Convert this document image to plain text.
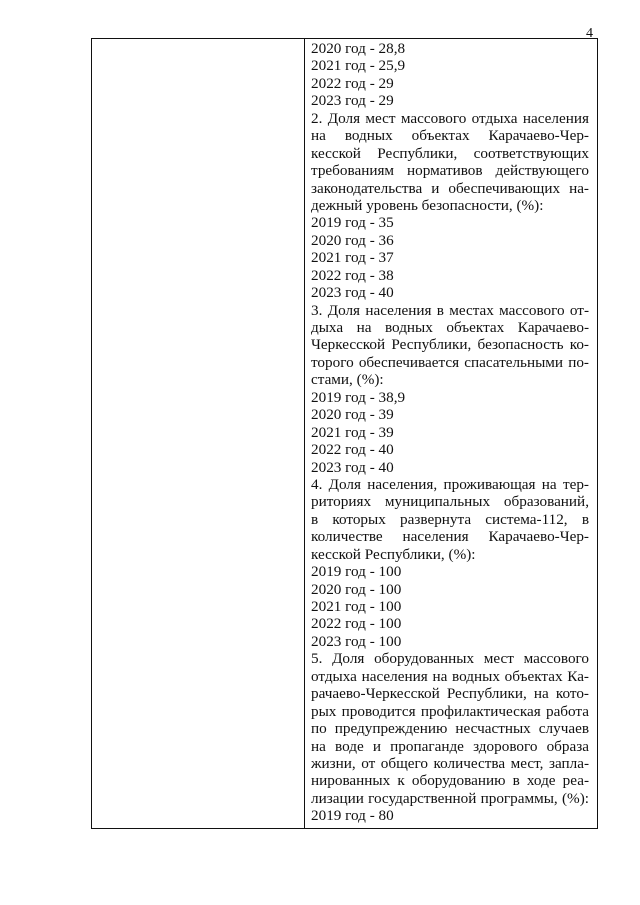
4
2020 год - 28,8
2021 год - 25,9
2022 год - 29
2023 год - 29
2. Доля мест массового отдыха населения
на водных объектах Карачаево-Чер-
кесской Республики, соответствующих
требованиям нормативов действующего
законодательства и обеспечивающих на-
дежный уровень безопасности, (%):
2019 год - 35
2020 год - 36
2021 год - 37
2022 год - 38
2023 год - 40
3. Доля населения в местах массового от-
дыха на водных объектах Карачаево-
Черкесской Республики, безопасность ко-
торого обеспечивается спасательными по-
стами, (%):
2019 год - 38,9
2020 год - 39
2021 год - 39
2022 год - 40
2023 год - 40
4. Доля населения, проживающая на тер-
риториях муниципальных образований,
в которых развернута система-112, в
количестве населения Карачаево-Чер-
кесской Республики, (%):
2019 год - 100
2020 год - 100
2021 год - 100
2022 год - 100
2023 год - 100
5. Доля оборудованных мест массового
отдыха населения на водных объектах Ка-
рачаево-Черкесской Республики, на кото-
рых проводится профилактическая работа
по предупреждению несчастных случаев
на воде и пропаганде здорового образа
жизни, от общего количества мест, запла-
нированных к оборудованию в ходе реа-
лизации государственной программы, (%):
2019 год - 80
